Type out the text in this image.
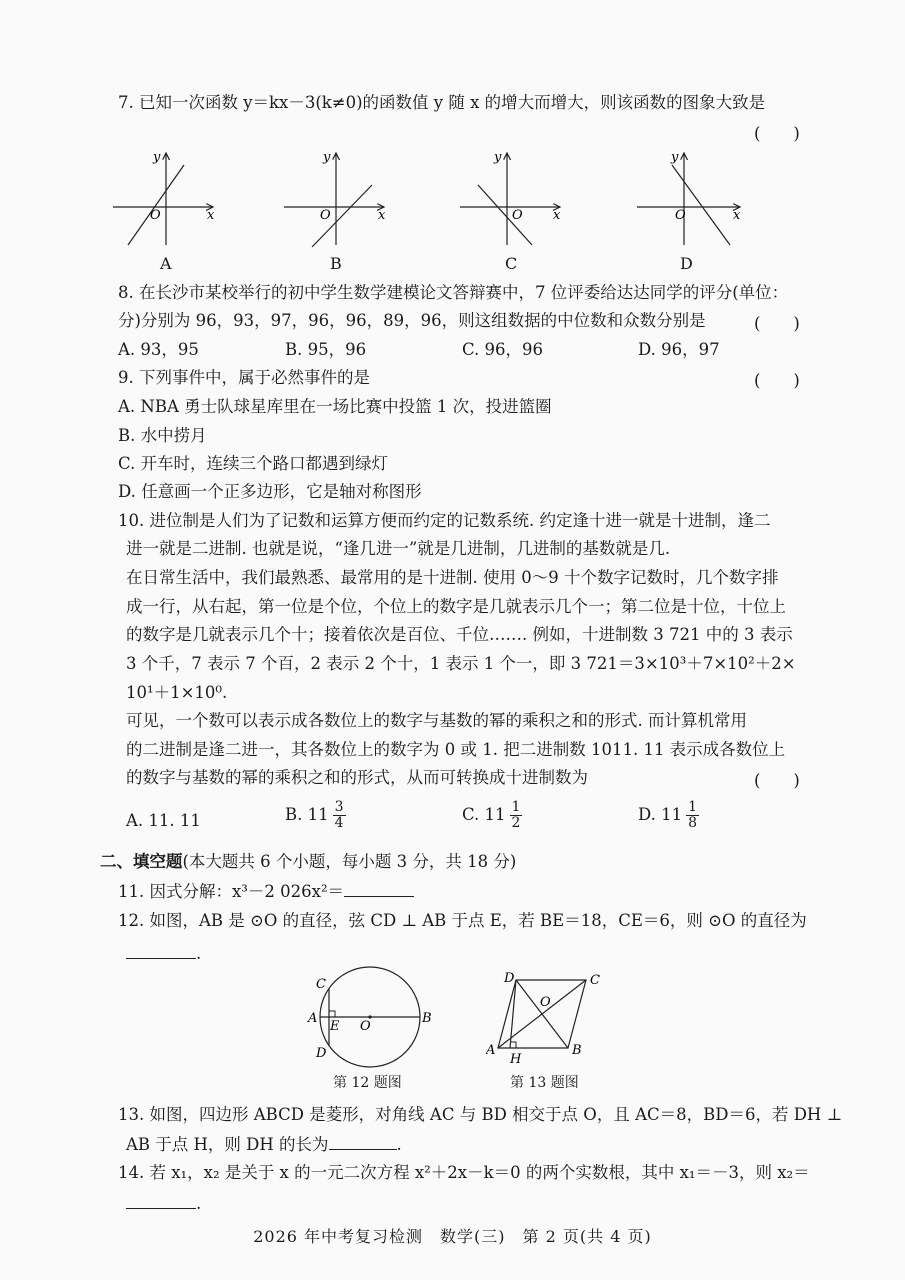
7. 已知一次函数 y＝kx－3(k≠0)的函数值 y 随 x 的增大而增大，则该函数的图象大致是
(　　)
x
y
O	x
y
O	x
y
O	x
y
O
A	B	C	D
8. 在长沙市某校举行的初中学生数学建模论文答辩赛中，7 位评委给达达同学的评分(单位：
分)分别为 96，93，97，96，96，89，96，则这组数据的中位数和众数分别是	(　　)
A. 93，95	B. 95，96	C. 96，96	D. 96，97
9. 下列事件中，属于必然事件的是	(　　)
A. NBA 勇士队球星库里在一场比赛中投篮 1 次，投进篮圈
B. 水中捞月
C. 开车时，连续三个路口都遇到绿灯
D. 任意画一个正多边形，它是轴对称图形
10. 进位制是人们为了记数和运算方便而约定的记数系统. 约定逢十进一就是十进制，逢二
进一就是二进制. 也就是说，“逢几进一”就是几进制，几进制的基数就是几.
在日常生活中，我们最熟悉、最常用的是十进制. 使用 0～9 十个数字记数时，几个数字排
成一行，从右起，第一位是个位，个位上的数字是几就表示几个一；第二位是十位，十位上
的数字是几就表示几个十；接着依次是百位、千位……. 例如，十进制数 3 721 中的 3 表示
3 个千，7 表示 7 个百，2 表示 2 个十，1 表示 1 个一，即 3 721＝3×10³＋7×10²＋2×
10¹＋1×10⁰.
可见，一个数可以表示成各数位上的数字与基数的幂的乘积之和的形式. 而计算机常用
的二进制是逢二进一，其各数位上的数字为 0 或 1. 把二进制数 1011. 11 表示成各数位上
的数字与基数的幂的乘积之和的形式，从而可转换成十进制数为	(　　)
A. 11. 11	B. $11 \frac{3}{4}$	C. $11 \frac{1}{2}$	D. $11 \frac{1}{8}$
二、填空题(本大题共 6 个小题，每小题 3 分，共 18 分)
11. 因式分解：x³－2 026x²＝
12. 如图，AB 是 ⊙O 的直径，弦 CD ⊥ AB 于点 E，若 BE＝18，CE＝6，则 ⊙O 的直径为
.
C
A
E O
B
D
第 12 题图
D	C
O
A
H
B
第 13 题图
13. 如图，四边形 ABCD 是菱形，对角线 AC 与 BD 相交于点 O，且 AC＝8，BD＝6，若 DH ⊥
AB 于点 H，则 DH 的长为	.
14. 若 x₁，x₂ 是关于 x 的一元二次方程 x²＋2x－k＝0 的两个实数根，其中 x₁＝－3，则 x₂＝
.
2026 年中考复习检测　数学(三)　第 2 页(共 4 页)
